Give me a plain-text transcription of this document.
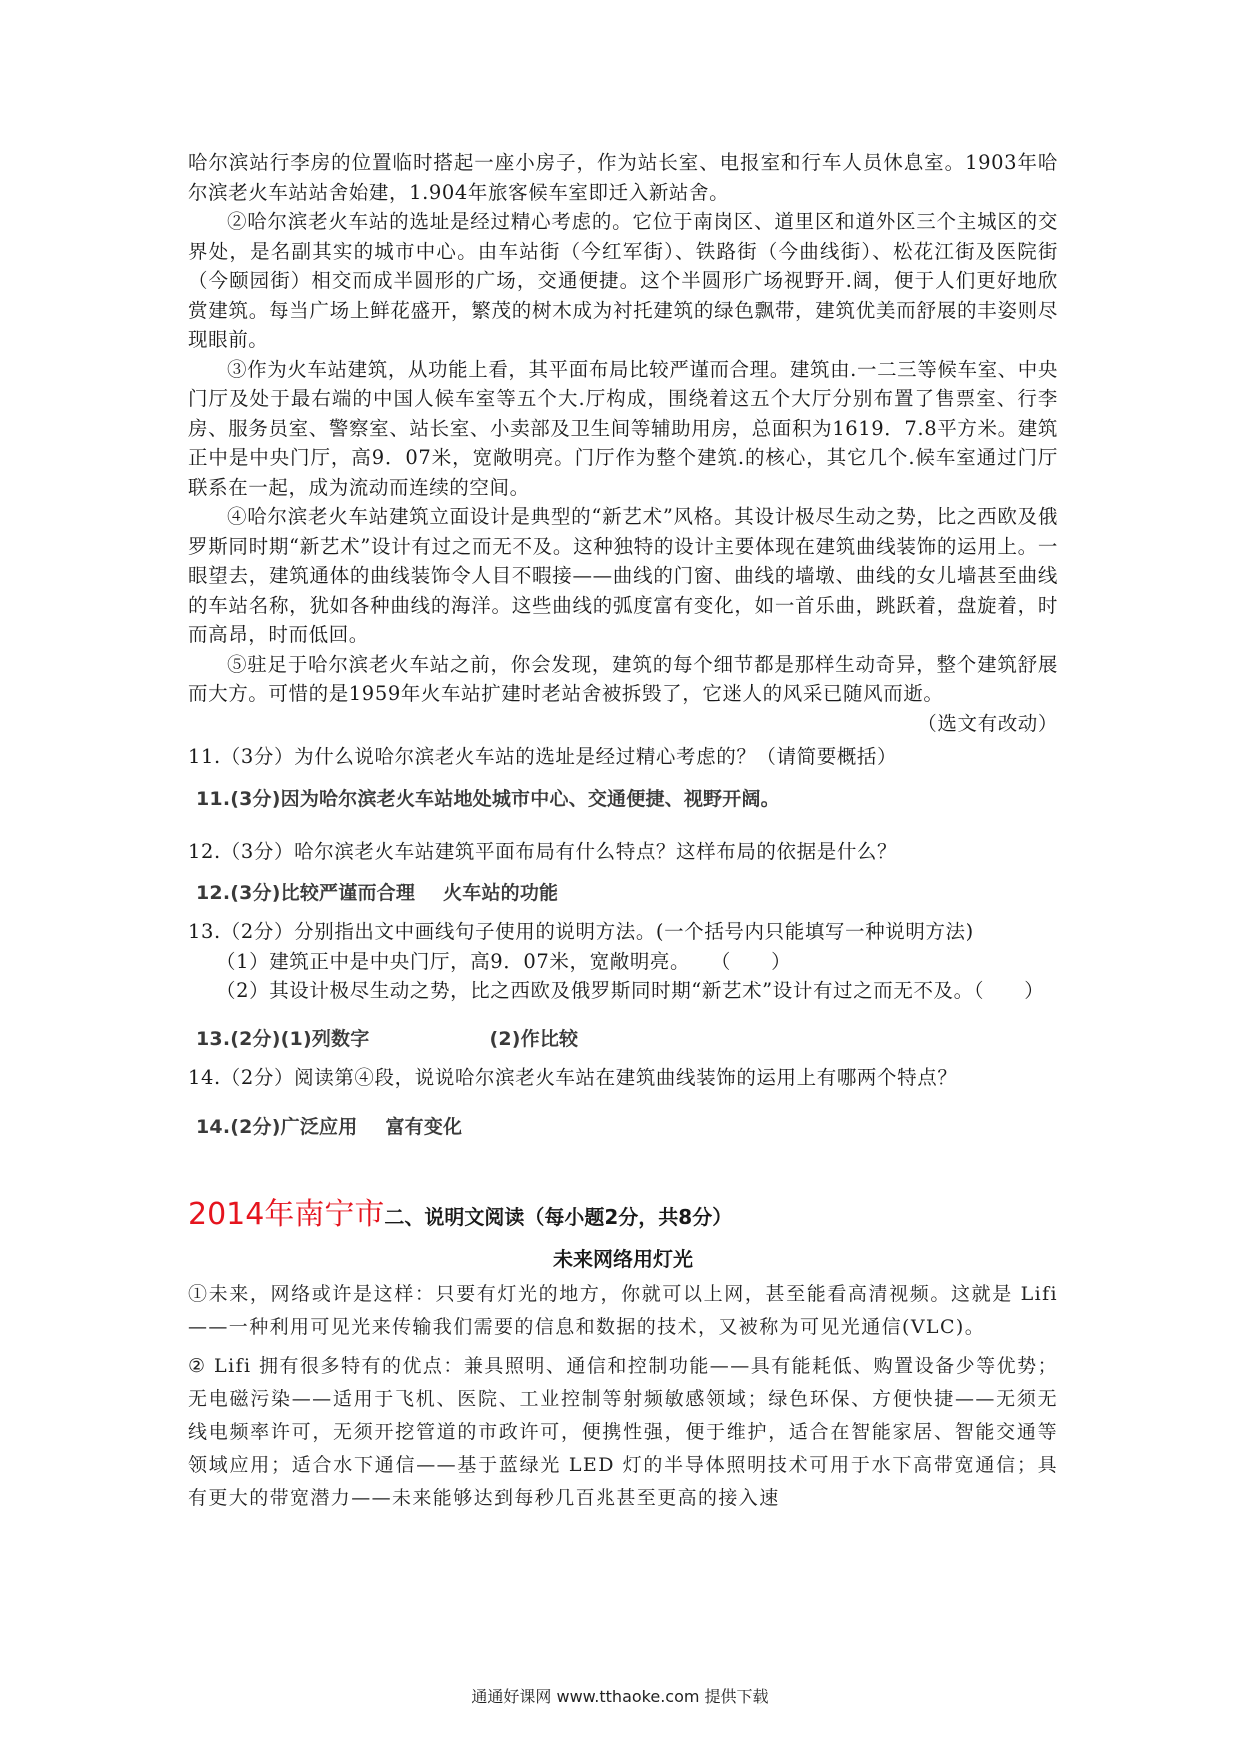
哈尔滨站行李房的位置临时搭起一座小房子，作为站长室、电报室和行车人员休息室。1903年哈尔滨老火车站站舍始建，1.904年旅客候车室即迁入新站舍。

②哈尔滨老火车站的选址是经过精心考虑的。它位于南岗区、道里区和道外区三个主城区的交界处，是名副其实的城市中心。由车站街（今红军街）、铁路街（今曲线街）、松花江街及医院街（今颐园街）相交而成半圆形的广场，交通便捷。这个半圆形广场视野开.阔，便于人们更好地欣赏建筑。每当广场上鲜花盛开，繁茂的树木成为衬托建筑的绿色飘带，建筑优美而舒展的丰姿则尽现眼前。

③作为火车站建筑，从功能上看，其平面布局比较严谨而合理。建筑由.一二三等候车室、中央门厅及处于最右端的中国人候车室等五个大.厅构成，围绕着这五个大厅分别布置了售票室、行李房、服务员室、警察室、站长室、小卖部及卫生间等辅助用房，总面积为1619．7.8平方米。建筑正中是中央门厅，高9．07米，宽敞明亮。门厅作为整个建筑.的核心，其它几个.候车室通过门厅联系在一起，成为流动而连续的空间。

④哈尔滨老火车站建筑立面设计是典型的“新艺术”风格。其设计极尽生动之势，比之西欧及俄罗斯同时期“新艺术”设计有过之而无不及。这种独特的设计主要体现在建筑曲线装饰的运用上。一眼望去，建筑通体的曲线装饰令人目不暇接——曲线的门窗、曲线的墙墩、曲线的女儿墙甚至曲线的车站名称，犹如各种曲线的海洋。这些曲线的弧度富有变化，如一首乐曲，跳跃着，盘旋着，时而高昂，时而低回。

⑤驻足于哈尔滨老火车站之前，你会发现，建筑的每个细节都是那样生动奇异，整个建筑舒展而大方。可惜的是1959年火车站扩建时老站舍被拆毁了，它迷人的风采已随风而逝。

（选文有改动）

11.（3分）为什么说哈尔滨老火车站的选址是经过精心考虑的？（请简要概括）

11.(3分)因为哈尔滨老火车站地处城市中心、交通便捷、视野开阔。

12.（3分）哈尔滨老火车站建筑平面布局有什么特点？这样布局的依据是什么？

12.(3分)比较严谨而合理 火车站的功能

13.（2分）分别指出文中画线句子使用的说明方法。(一个括号内只能填写一种说明方法)

（1）建筑正中是中央门厅，高9．07米，宽敞明亮。　　（　　）

（2）其设计极尽生动之势，比之西欧及俄罗斯同时期“新艺术”设计有过之而无不及。（　　）

13.(2分)(1)列数字	(2)作比较

14.（2分）阅读第④段，说说哈尔滨老火车站在建筑曲线装饰的运用上有哪两个特点？

14.(2分)广泛应用 富有变化
2014年南宁市二、说明文阅读（每小题2分，共8分）
未来网络用灯光

①未来，网络或许是这样：只要有灯光的地方，你就可以上网，甚至能看高清视频。这就是 Lifi——一种利用可见光来传输我们需要的信息和数据的技术，又被称为可见光通信(VLC)。

② Lifi 拥有很多特有的优点：兼具照明、通信和控制功能——具有能耗低、购置设备少等优势；无电磁污染——适用于飞机、医院、工业控制等射频敏感领域；绿色环保、方便快捷——无须无线电频率许可，无须开挖管道的市政许可，便携性强，便于维护，适合在智能家居、智能交通等领域应用；适合水下通信——基于蓝绿光 LED 灯的半导体照明技术可用于水下高带宽通信；具有更大的带宽潜力——未来能够达到每秒几百兆甚至更高的接入速

通通好课网 www.tthaoke.com 提供下载
